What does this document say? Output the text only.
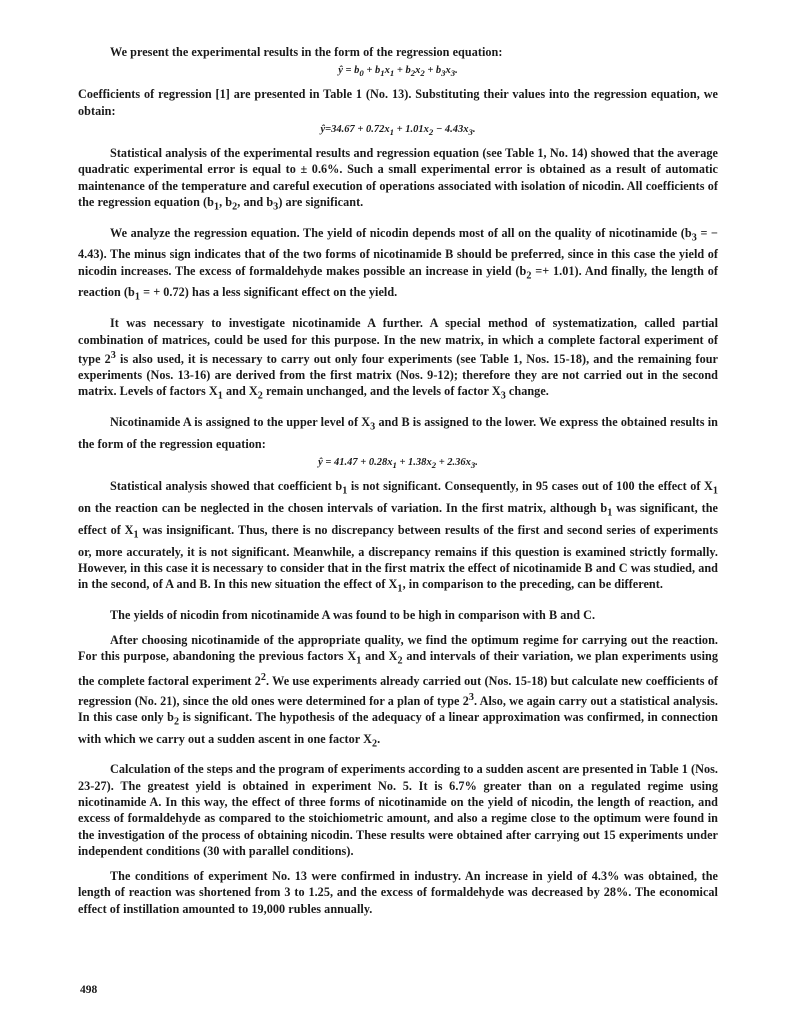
We present the experimental results in the form of the regression equation:

ŷ = $b_0 + b_1x_1 + b_2x_2 + b_3x_3$.

Coefficients of regression [1] are presented in Table 1 (No. 13). Substituting their values into the regression equation, we obtain:

ŷ=34.67 + $0.72x_1 + 1.01x_2 - 4.43x_3$.

Statistical analysis of the experimental results and regression equation (see Table 1, No. 14) showed that the average quadratic experimental error is equal to ± 0.6%. Such a small experimental error is obtained as a result of automatic maintenance of the temperature and careful execution of operations associated with isolation of nicodin. All coefficients of the regression equation ($b_1$, $b_2$, and $b_3$) are significant.

We analyze the regression equation. The yield of nicodin depends most of all on the quality of nicotinamide ($b_3$ = − 4.43). The minus sign indicates that of the two forms of nicotinamide B should be preferred, since in this case the yield of nicodin increases. The excess of formaldehyde makes possible an increase in yield $(b_2 =+ 1.01)$. And finally, the length of reaction ($b_1$ = + 0.72) has a less significant effect on the yield.

It was necessary to investigate nicotinamide A further. A special method of systematization, called partial combination of matrices, could be used for this purpose. In the new matrix, in which a complete factoral experiment of type $2^3$ is also used, it is necessary to carry out only four experiments (see Table 1, Nos. 15-18), and the remaining four experiments (Nos. 13-16) are derived from the first matrix (Nos. 9-12); therefore they are not carried out in the second matrix. Levels of factors $X_1$ and $X_2$ remain unchanged, and the levels of factor $X_3$ change.

Nicotinamide A is assigned to the upper level of $X_3$ and B is assigned to the lower. We express the obtained results in the form of the regression equation:

ŷ = $41.47 + 0.28x_1 + 1.38x_2 + 2.36x_3$.

Statistical analysis showed that coefficient $b_1$ is not significant. Consequently, in 95 cases out of 100 the effect of $X_1$ on the reaction can be neglected in the chosen intervals of variation. In the first matrix, although $b_1$ was significant, the effect of $X_1$ was insignificant. Thus, there is no discrepancy between results of the first and second series of experiments or, more accurately, it is not significant. Meanwhile, a discrepancy remains if this question is examined strictly formally. However, in this case it is necessary to consider that in the first matrix the effect of nicotinamide B and C was studied, and in the second, of A and B. In this new situation the effect of $X_1$, in comparison to the preceding, can be different.

The yields of nicodin from nicotinamide A was found to be high in comparison with B and C.

After choosing nicotinamide of the appropriate quality, we find the optimum regime for carrying out the reaction. For this purpose, abandoning the previous factors $X_1$ and $X_2$ and intervals of their variation, we plan experiments using the complete factoral experiment $2^2$. We use experiments already carried out (Nos. 15-18) but calculate new coefficients of regression (No. 21), since the old ones were determined for a plan of type $2^3$. Also, we again carry out a statistical analysis. In this case only $b_2$ is significant. The hypothesis of the adequacy of a linear approximation was confirmed, in connection with which we carry out a sudden ascent in one factor $X_2$.

Calculation of the steps and the program of experiments according to a sudden ascent are presented in Table 1 (Nos. 23-27). The greatest yield is obtained in experiment No. 5. It is 6.7% greater than on a regulated regime using nicotinamide A. In this way, the effect of three forms of nicotinamide on the yield of nicodin, the length of reaction, and excess of formaldehyde as compared to the stoichiometric amount, and also a regime close to the optimum were found in the investigation of the process of obtaining nicodin. These results were obtained after carrying out 15 experiments under independent conditions (30 with parallel conditions).

The conditions of experiment No. 13 were confirmed in industry. An increase in yield of 4.3% was obtained, the length of reaction was shortened from 3 to 1.25, and the excess of formaldehyde was decreased by 28%. The economical effect of instillation amounted to 19,000 rubles annually.

498
